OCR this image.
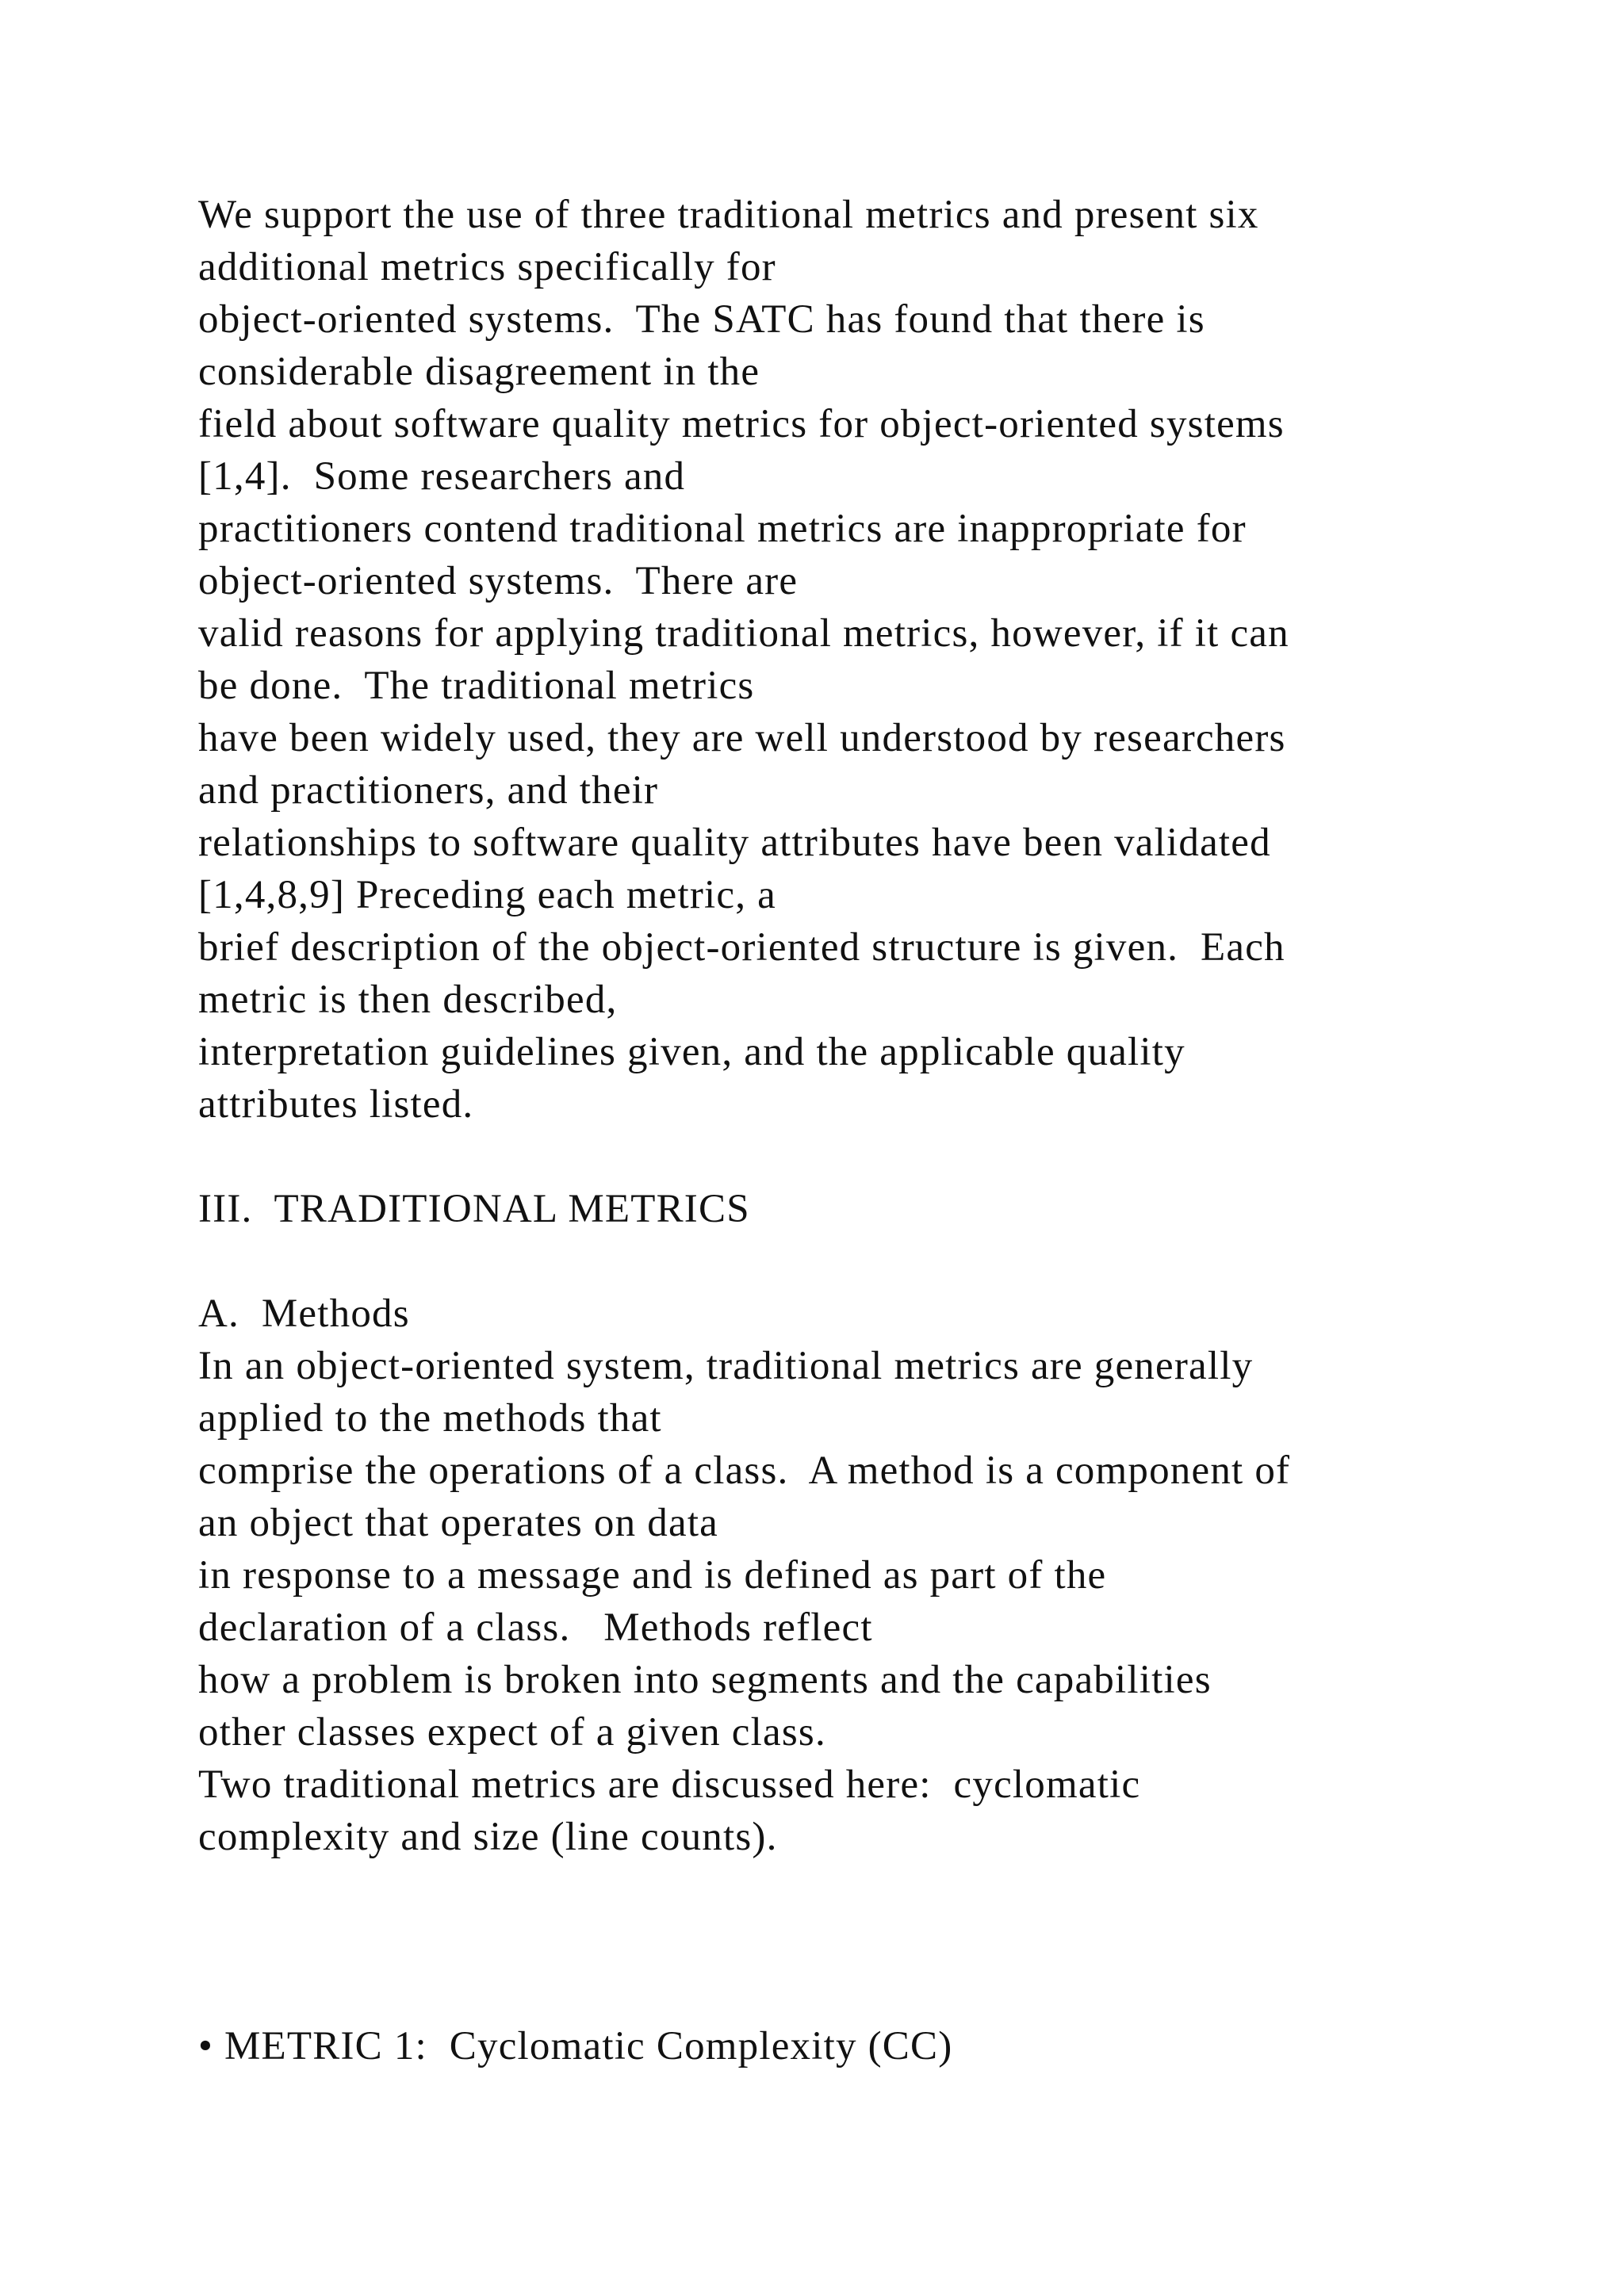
We support the use of three traditional metrics and present six
additional metrics specifically for
object-oriented systems.  The SATC has found that there is
considerable disagreement in the
field about software quality metrics for object-oriented systems
[1,4].  Some researchers and
practitioners contend traditional metrics are inappropriate for
object-oriented systems.  There are
valid reasons for applying traditional metrics, however, if it can
be done.  The traditional metrics
have been widely used, they are well understood by researchers
and practitioners, and their
relationships to software quality attributes have been validated
[1,4,8,9] Preceding each metric, a
brief description of the object-oriented structure is given.  Each
metric is then described,
interpretation guidelines given, and the applicable quality
attributes listed.
III.  TRADITIONAL METRICS
A.  Methods
In an object-oriented system, traditional metrics are generally
applied to the methods that
comprise the operations of a class.  A method is a component of
an object that operates on data
in response to a message and is defined as part of the
declaration of a class.   Methods reflect
how a problem is broken into segments and the capabilities
other classes expect of a given class.
Two traditional metrics are discussed here:  cyclomatic
complexity and size (line counts).
• METRIC 1:  Cyclomatic Complexity (CC)
